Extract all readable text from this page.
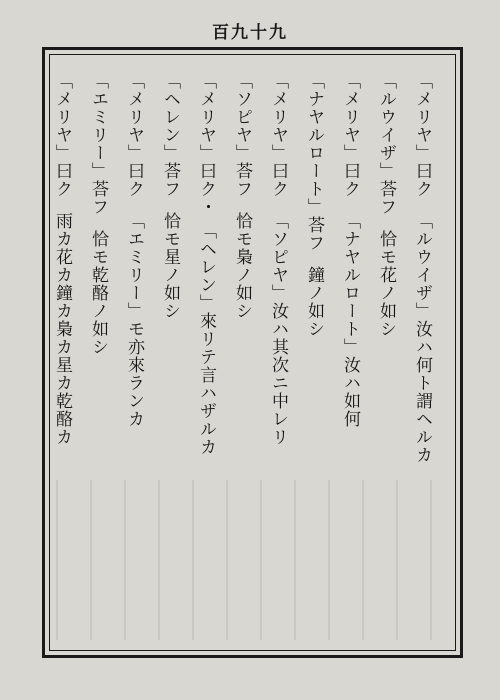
百九十九
「メリヤ」曰ク「ルウイザ」汝ハ何ト謂ヘルカ
「ルウイザ」荅フ恰モ花ノ如シ
「メリヤ」曰ク「ナヤルロート」汝ハ如何
「ナヤルロート」荅フ鐘ノ如シ
「メリヤ」曰ク「ソピヤ」汝ハ其次ニ中レリ
「ソピヤ」荅フ恰モ梟ノ如シ
「メリヤ」曰ク・「ヘレン」來リテ言ハザルカ
「ヘレン」荅フ恰モ星ノ如シ
「メリヤ」曰ク「エミリー」モ亦來ランカ
「エミリー」荅フ恰モ乾酪ノ如シ
「メリヤ」曰ク雨カ花カ鐘カ梟カ星カ乾酪カ
